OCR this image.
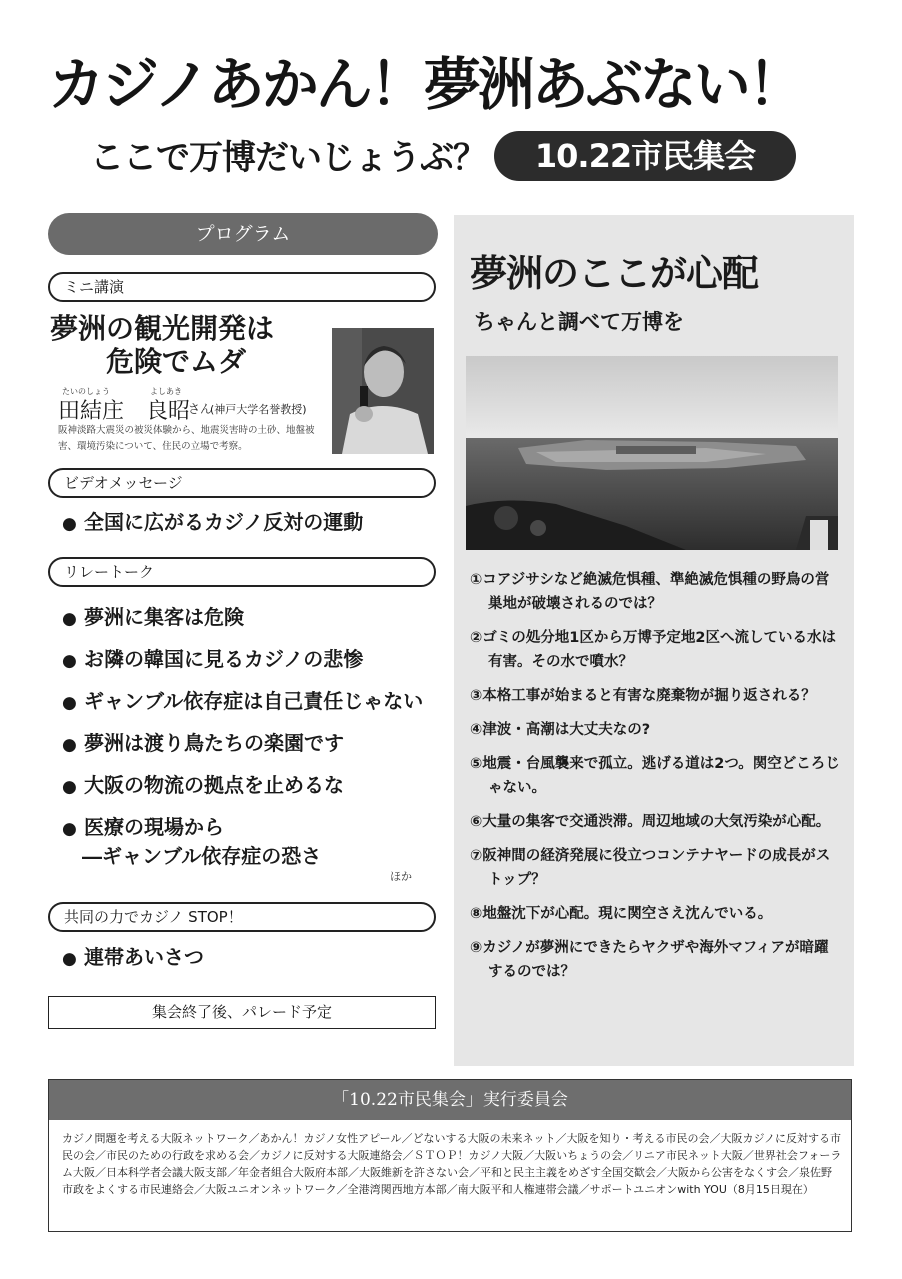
カジノあかん！夢洲あぶない！
ここで万博だいじょうぶ？	10.22市民集会
プログラム
ミニ講演
夢洲の観光開発は
危険でムダ
たいのしょう	よしあき
田結庄　良昭
さん
(神戸大学名誉教授)
阪神淡路大震災の被災体験から、地震災害時の土砂、地盤被害、環境汚染について、住民の立場で考察。
ビデオメッセージ
● 全国に広がるカジノ反対の運動
リレートーク
● 夢洲に集客は危険
● お隣の韓国に見るカジノの悲惨
● ギャンブル依存症は自己責任じゃない
● 夢洲は渡り鳥たちの楽園です
● 大阪の物流の拠点を止めるな
● 医療の現場から
―ギャンブル依存症の恐さ
ほか
共同の力でカジノ STOP！
● 連帯あいさつ
集会終了後、パレード予定
夢洲のここが心配
ちゃんと調べて万博を
①コアジサシなど絶滅危惧種、準絶滅危惧種の野鳥の営巣地が破壊されるのでは？
②ゴミの処分地1区から万博予定地2区へ流している水は有害。その水で噴水？
③本格工事が始まると有害な廃棄物が掘り返される？
④津波・高潮は大丈夫なの?
⑤地震・台風襲来で孤立。逃げる道は2つ。関空どころじゃない。
⑥大量の集客で交通渋滞。周辺地域の大気汚染が心配。
⑦阪神間の経済発展に役立つコンテナヤードの成長がストップ？
⑧地盤沈下が心配。現に関空さえ沈んでいる。
⑨カジノが夢洲にできたらヤクザや海外マフィアが暗躍するのでは？
「10.22市民集会」実行委員会
カジノ問題を考える大阪ネットワーク／あかん！カジノ女性アピール／どないする大阪の未来ネット／大阪を知り・考える市民の会／大阪カジノに反対する市民の会／市民のための行政を求める会／カジノに反対する大阪連絡会／ＳＴＯＰ！カジノ大阪／大阪いちょうの会／リニア市民ネット大阪／世界社会フォーラム大阪／日本科学者会議大阪支部／年金者組合大阪府本部／大阪維新を許さない会／平和と民主主義をめざす全国交歓会／大阪から公害をなくす会／泉佐野市政をよくする市民連絡会／大阪ユニオンネットワーク／全港湾関西地方本部／南大阪平和人権連帯会議／サポートユニオンwith YOU（8月15日現在）
